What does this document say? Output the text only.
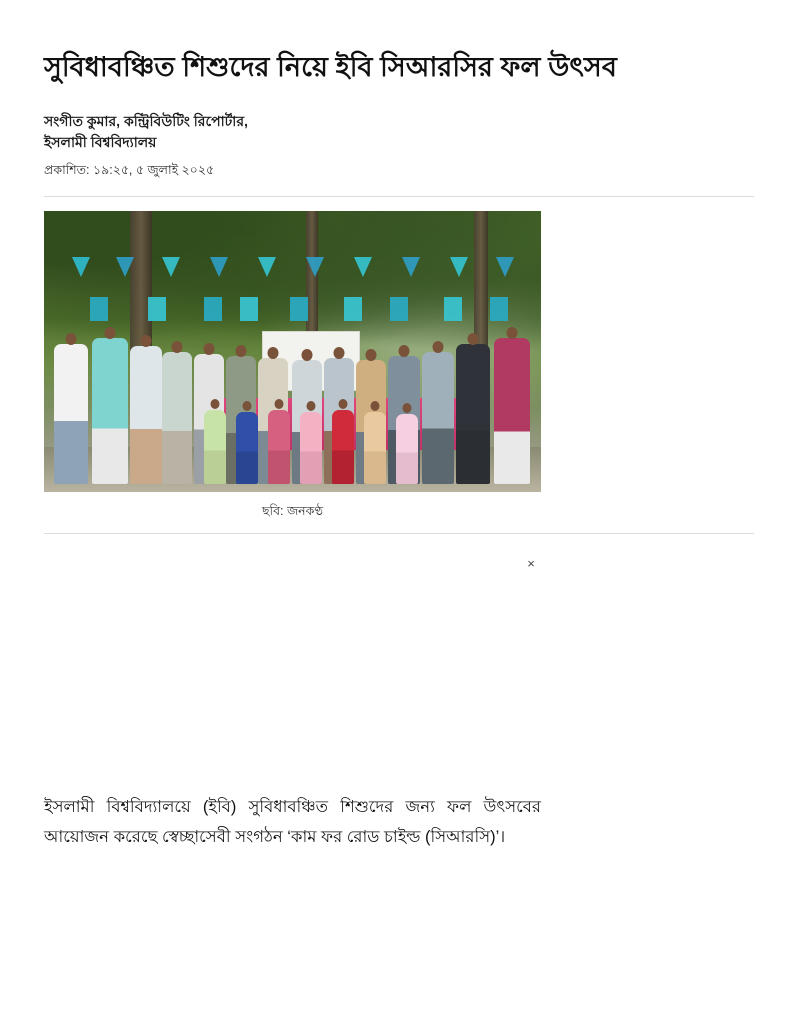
সুবিধাবঞ্চিত শিশুদের নিয়ে ইবি সিআরসির ফল উৎসব
সংগীত কুমার, কন্ট্রিবিউটিং রিপোর্টার,
ইসলামী বিশ্ববিদ্যালয়
প্রকাশিত: ১৯:২৫, ৫ জুলাই ২০২৫
ছবি: জনকণ্ঠ
×

ইসলামী বিশ্ববিদ্যালয়ে (ইবি) সুবিধাবঞ্চিত শিশুদের জন্য ফল উৎসবের আয়োজন করেছে স্বেচ্ছাসেবী সংগঠন ‘কাম ফর রোড চাইল্ড (সিআরসি)’।
